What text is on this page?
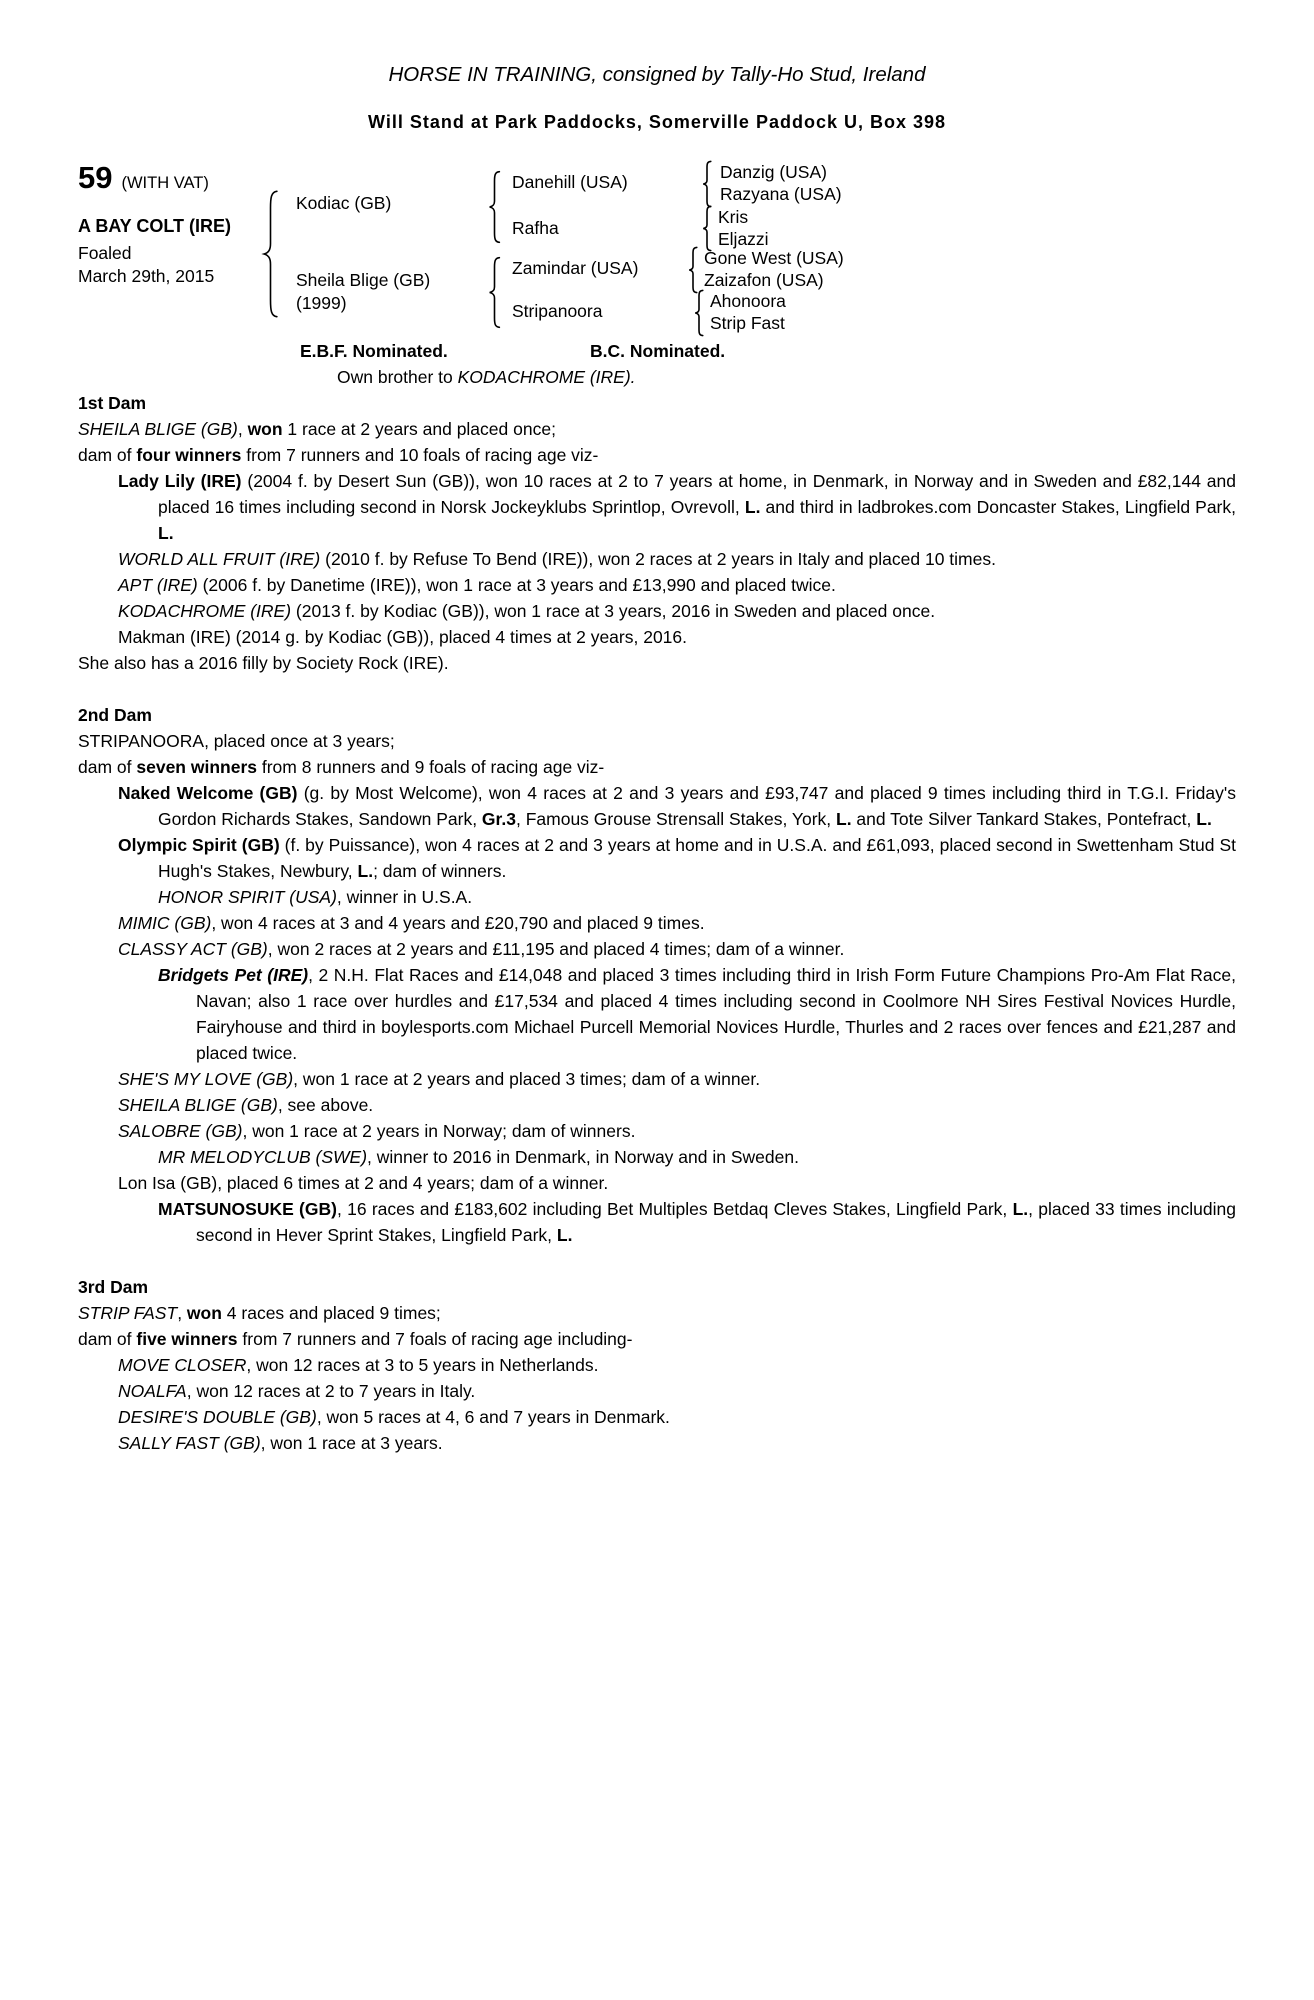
HORSE IN TRAINING, consigned by Tally-Ho Stud, Ireland
Will Stand at Park Paddocks, Somerville Paddock U, Box 398
59 (WITH VAT)
A BAY COLT (IRE)
Foaled
March 29th, 2015
Kodiac (GB)
Sheila Blige (GB)
(1999)
Danehill (USA)
Rafha
Zamindar (USA)
Stripanoora
Danzig (USA)
Razyana (USA)
Kris
Eljazzi
Gone West (USA)
Zaizafon (USA)
Ahonoora
Strip Fast
E.B.F. Nominated.	B.C. Nominated.
Own brother to KODACHROME (IRE).
1st Dam
SHEILA BLIGE (GB), won 1 race at 2 years and placed once;
dam of four winners from 7 runners and 10 foals of racing age viz-
Lady Lily (IRE) (2004 f. by Desert Sun (GB)), won 10 races at 2 to 7 years at home, in Denmark, in Norway and in Sweden and £82,144 and placed 16 times including second in Norsk Jockeyklubs Sprintlop, Ovrevoll, L. and third in ladbrokes.com Doncaster Stakes, Lingfield Park, L.
WORLD ALL FRUIT (IRE) (2010 f. by Refuse To Bend (IRE)), won 2 races at 2 years in Italy and placed 10 times.
APT (IRE) (2006 f. by Danetime (IRE)), won 1 race at 3 years and £13,990 and placed twice.
KODACHROME (IRE) (2013 f. by Kodiac (GB)), won 1 race at 3 years, 2016 in Sweden and placed once.
Makman (IRE) (2014 g. by Kodiac (GB)), placed 4 times at 2 years, 2016.
She also has a 2016 filly by Society Rock (IRE).
2nd Dam
STRIPANOORA, placed once at 3 years;
dam of seven winners from 8 runners and 9 foals of racing age viz-
Naked Welcome (GB) (g. by Most Welcome), won 4 races at 2 and 3 years and £93,747 and placed 9 times including third in T.G.I. Friday's Gordon Richards Stakes, Sandown Park, Gr.3, Famous Grouse Strensall Stakes, York, L. and Tote Silver Tankard Stakes, Pontefract, L.
Olympic Spirit (GB) (f. by Puissance), won 4 races at 2 and 3 years at home and in U.S.A. and £61,093, placed second in Swettenham Stud St Hugh's Stakes, Newbury, L.; dam of winners.
HONOR SPIRIT (USA), winner in U.S.A.
MIMIC (GB), won 4 races at 3 and 4 years and £20,790 and placed 9 times.
CLASSY ACT (GB), won 2 races at 2 years and £11,195 and placed 4 times; dam of a winner.
Bridgets Pet (IRE), 2 N.H. Flat Races and £14,048 and placed 3 times including third in Irish Form Future Champions Pro-Am Flat Race, Navan; also 1 race over hurdles and £17,534 and placed 4 times including second in Coolmore NH Sires Festival Novices Hurdle, Fairyhouse and third in boylesports.com Michael Purcell Memorial Novices Hurdle, Thurles and 2 races over fences and £21,287 and placed twice.
SHE'S MY LOVE (GB), won 1 race at 2 years and placed 3 times; dam of a winner.
SHEILA BLIGE (GB), see above.
SALOBRE (GB), won 1 race at 2 years in Norway; dam of winners.
MR MELODYCLUB (SWE), winner to 2016 in Denmark, in Norway and in Sweden.
Lon Isa (GB), placed 6 times at 2 and 4 years; dam of a winner.
MATSUNOSUKE (GB), 16 races and £183,602 including Bet Multiples Betdaq Cleves Stakes, Lingfield Park, L., placed 33 times including second in Hever Sprint Stakes, Lingfield Park, L.
3rd Dam
STRIP FAST, won 4 races and placed 9 times;
dam of five winners from 7 runners and 7 foals of racing age including-
MOVE CLOSER, won 12 races at 3 to 5 years in Netherlands.
NOALFA, won 12 races at 2 to 7 years in Italy.
DESIRE'S DOUBLE (GB), won 5 races at 4, 6 and 7 years in Denmark.
SALLY FAST (GB), won 1 race at 3 years.
